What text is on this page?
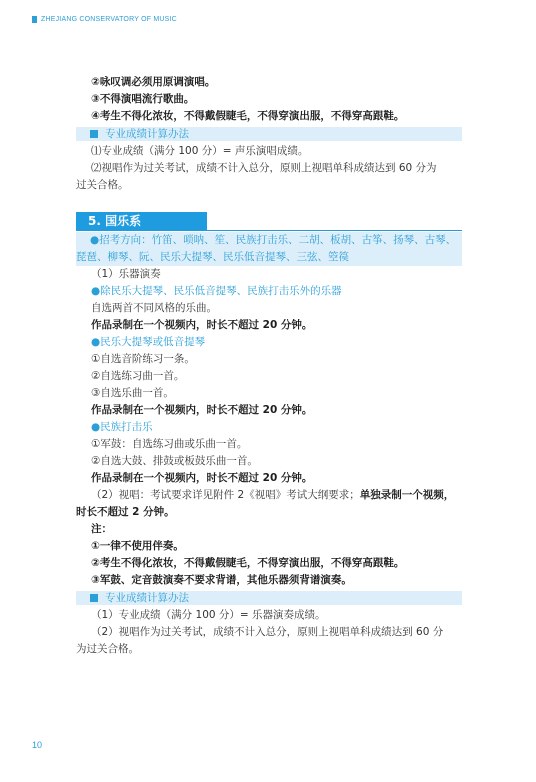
ZHEJIANG CONSERVATORY OF MUSIC
②咏叹调必须用原调演唱。
③不得演唱流行歌曲。
④考生不得化浓妆，不得戴假睫毛，不得穿演出服，不得穿高跟鞋。
专业成绩计算办法
⑴专业成绩（满分 100 分）= 声乐演唱成绩。
⑵视唱作为过关考试，成绩不计入总分，原则上视唱单科成绩达到 60 分为
过关合格。
5. 国乐系
●招考方向：竹笛、唢呐、笙、民族打击乐、二胡、板胡、古筝、扬琴、古琴、
琵琶、柳琴、阮、民乐大提琴、民乐低音提琴、三弦、箜篌
（1）乐器演奏
●除民乐大提琴、民乐低音提琴、民族打击乐外的乐器
自选两首不同风格的乐曲。
作品录制在一个视频内，时长不超过 20 分钟。
●民乐大提琴或低音提琴
①自选音阶练习一条。
②自选练习曲一首。
③自选乐曲一首。
作品录制在一个视频内，时长不超过 20 分钟。
●民族打击乐
①军鼓：自选练习曲或乐曲一首。
②自选大鼓、排鼓或板鼓乐曲一首。
作品录制在一个视频内，时长不超过 20 分钟。
（2）视唱：考试要求详见附件 2《视唱》考试大纲要求；单独录制一个视频，
时长不超过 2 分钟。
注：
①一律不使用伴奏。
②考生不得化浓妆，不得戴假睫毛，不得穿演出服，不得穿高跟鞋。
③军鼓、定音鼓演奏不要求背谱，其他乐器须背谱演奏。
专业成绩计算办法
（1）专业成绩（满分 100 分）= 乐器演奏成绩。
（2）视唱作为过关考试，成绩不计入总分，原则上视唱单科成绩达到 60 分
为过关合格。
10
